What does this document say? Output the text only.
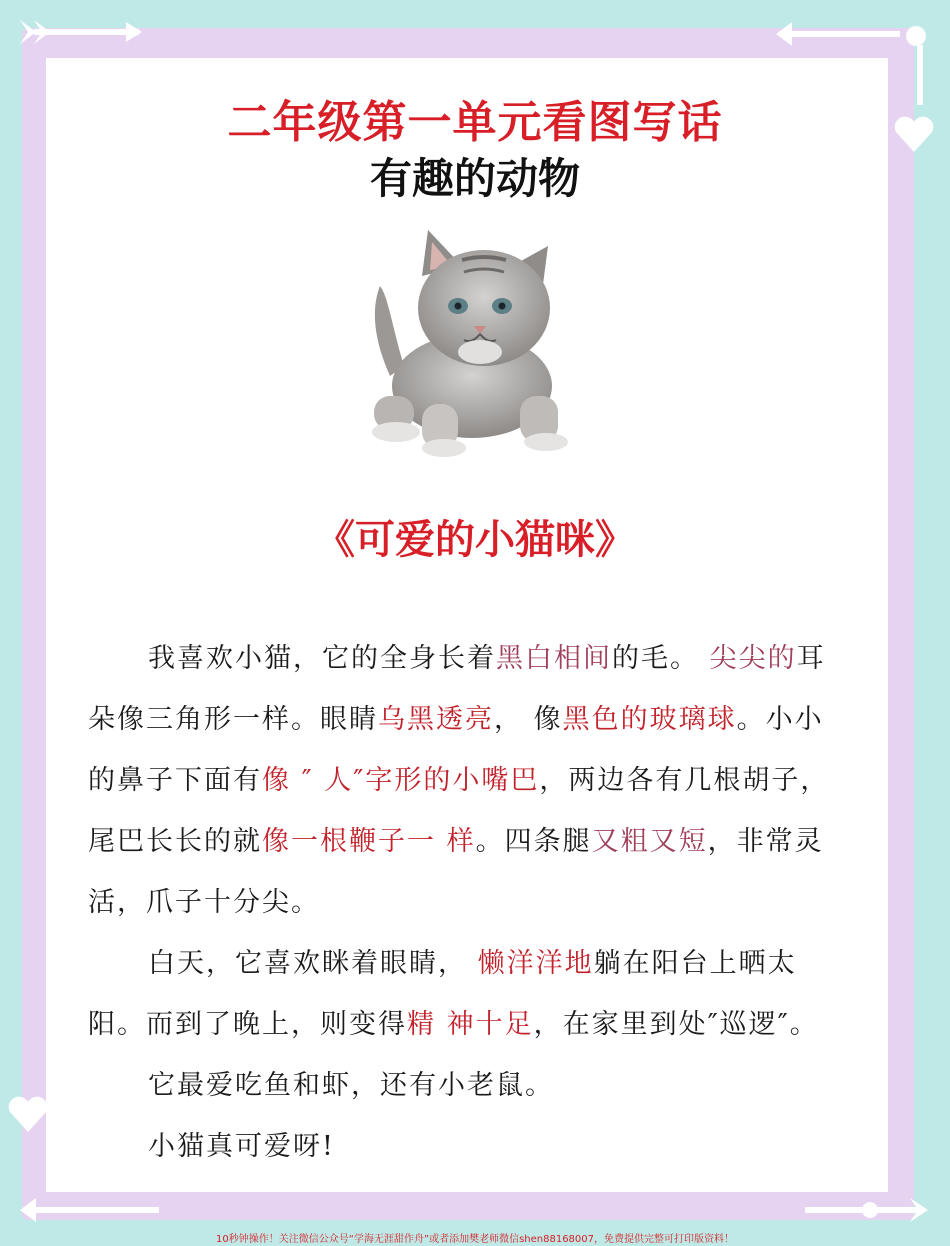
二年级第一单元看图写话
有趣的动物
《可爱的小猫咪》

我喜欢小猫，它的全身长着黑白相间的毛。 尖尖的耳朵像三角形一样。眼睛乌黑透亮， 像黑色的玻璃球。小小的鼻子下面有像 ″ 人″字形的小嘴巴，两边各有几根胡子，尾巴长长的就像一根鞭子一 样。四条腿又粗又短，非常灵活，爪子十分尖。

白天，它喜欢眯着眼睛， 懒洋洋地躺在阳台上晒太阳。而到了晚上，则变得精 神十足，在家里到处″巡逻″。

它最爱吃鱼和虾，还有小老鼠。

小猫真可爱呀!

10秒钟操作！关注微信公众号“学海无涯甜作舟”或者添加樊老师微信shen88168007，免费提供完整可打印版资料！
